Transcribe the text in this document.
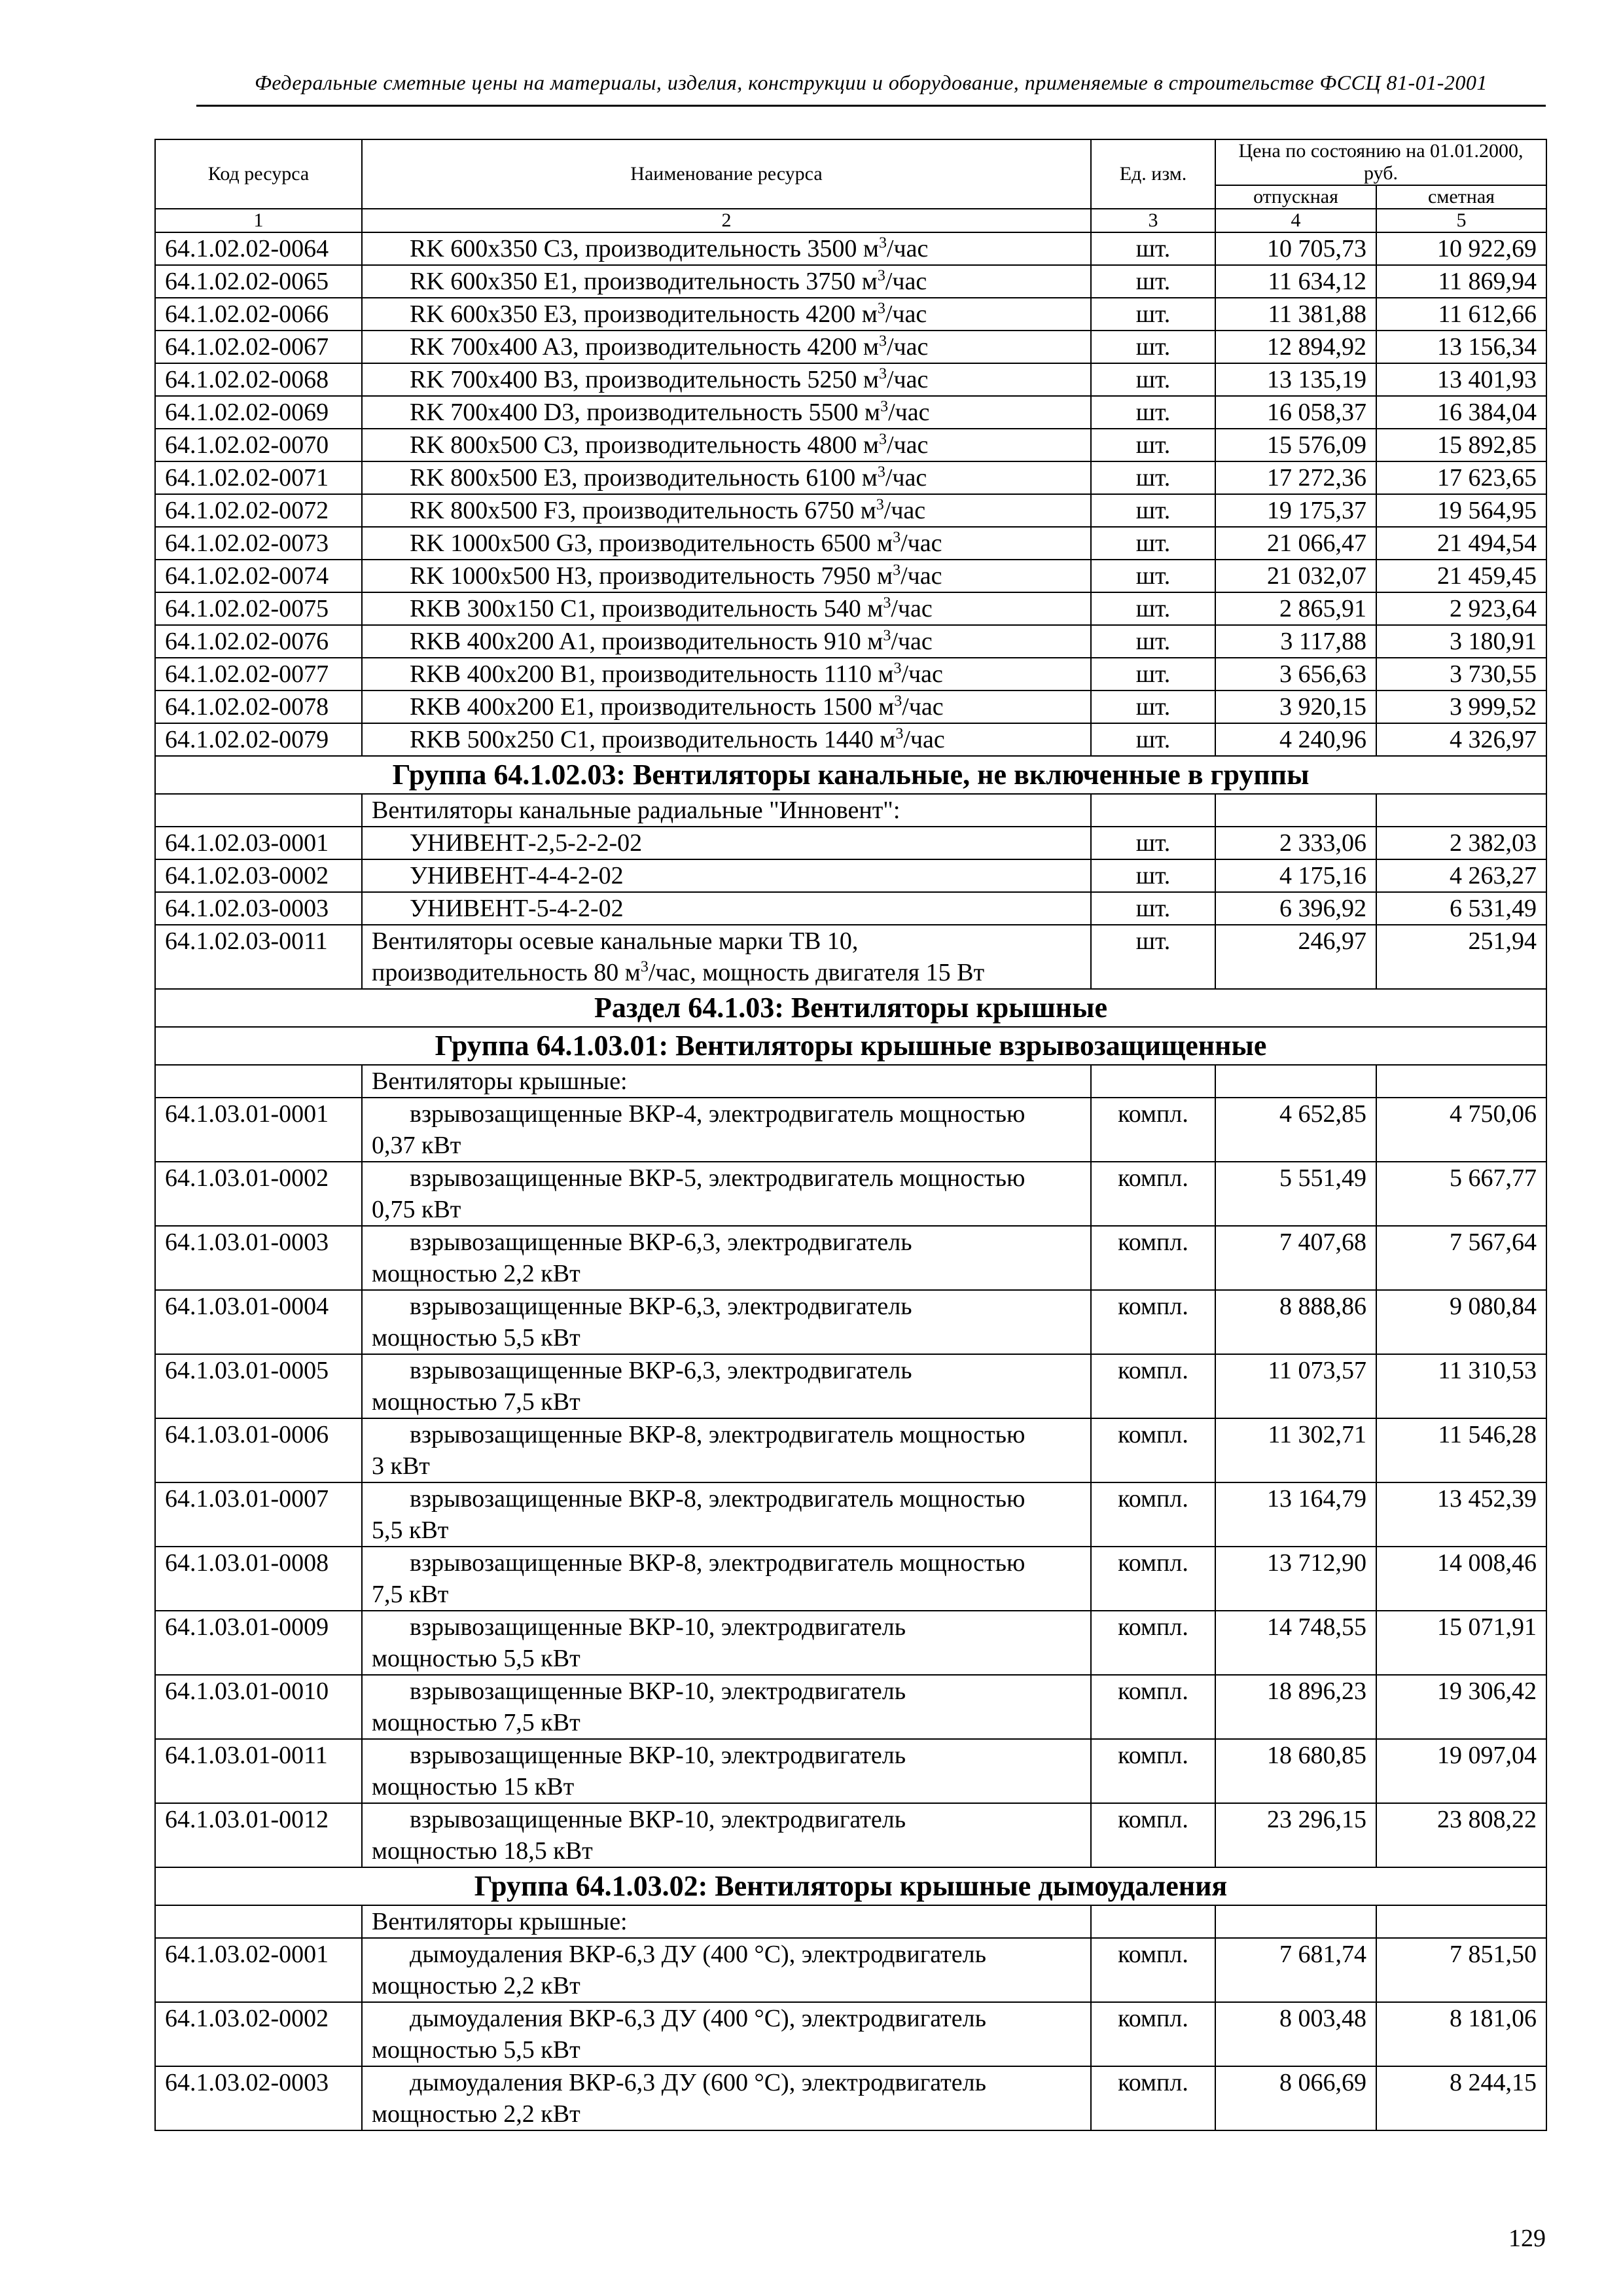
Федеральные сметные цены на материалы, изделия, конструкции и оборудование, применяемые в строительстве ФССЦ 81-01-2001
Код ресурса	Наименование ресурса	Ед. изм.	Цена по состоянию на 01.01.2000, руб.	
			отпускная	сметная
1	2	3	4	5
64.1.02.02-0064	RK 600x350 C3, производительность 3500 $м^3$/час	шт.	10 705,73	10 922,69
64.1.02.02-0065	RK 600x350 E1, производительность 3750 $м^3$/час	шт.	11 634,12	11 869,94
64.1.02.02-0066	RK 600x350 E3, производительность 4200 $м^3$/час	шт.	11 381,88	11 612,66
64.1.02.02-0067	RK 700x400 A3, производительность 4200 $м^3$/час	шт.	12 894,92	13 156,34
64.1.02.02-0068	RK 700x400 B3, производительность 5250 $м^3$/час	шт.	13 135,19	13 401,93
64.1.02.02-0069	RK 700x400 D3, производительность 5500 $м^3$/час	шт.	16 058,37	16 384,04
64.1.02.02-0070	RK 800x500 C3, производительность 4800 $м^3$/час	шт.	15 576,09	15 892,85
64.1.02.02-0071	RK 800x500 E3, производительность 6100 $м^3$/час	шт.	17 272,36	17 623,65
64.1.02.02-0072	RK 800x500 F3, производительность 6750 $м^3$/час	шт.	19 175,37	19 564,95
64.1.02.02-0073	RK 1000x500 G3, производительность 6500 $м^3$/час	шт.	21 066,47	21 494,54
64.1.02.02-0074	RK 1000x500 H3, производительность 7950 $м^3$/час	шт.	21 032,07	21 459,45
64.1.02.02-0075	RKB 300x150 C1, производительность 540 $м^3$/час	шт.	2 865,91	2 923,64
64.1.02.02-0076	RKB 400x200 A1, производительность 910 $м^3$/час	шт.	3 117,88	3 180,91
64.1.02.02-0077	RKB 400x200 B1, производительность 1110 $м^3$/час	шт.	3 656,63	3 730,55
64.1.02.02-0078	RKB 400x200 E1, производительность 1500 $м^3$/час	шт.	3 920,15	3 999,52
64.1.02.02-0079	RKB 500x250 C1, производительность 1440 $м^3$/час	шт.	4 240,96	4 326,97
Группа 64.1.02.03: Вентиляторы канальные, не включенные в группы				
	Вентиляторы канальные радиальные "Инновент":			
64.1.02.03-0001	УНИВЕНТ-2,5-2-2-02	шт.	2 333,06	2 382,03
64.1.02.03-0002	УНИВЕНТ-4-4-2-02	шт.	4 175,16	4 263,27
64.1.02.03-0003	УНИВЕНТ-5-4-2-02	шт.	6 396,92	6 531,49
64.1.02.03-0011	Вентиляторы осевые канальные марки ТВ 10,
производительность 80 $м^3$/час, мощность двигателя 15 Вт	шт.	246,97	251,94
Раздел 64.1.03: Вентиляторы крышные				
Группа 64.1.03.01: Вентиляторы крышные взрывозащищенные				
	Вентиляторы крышные:			
64.1.03.01-0001	взрывозащищенные ВКР-4, электродвигатель мощностью
0,37 кВт	компл.	4 652,85	4 750,06
64.1.03.01-0002	взрывозащищенные ВКР-5, электродвигатель мощностью
0,75 кВт	компл.	5 551,49	5 667,77
64.1.03.01-0003	взрывозащищенные ВКР-6,3, электродвигатель
мощностью 2,2 кВт	компл.	7 407,68	7 567,64
64.1.03.01-0004	взрывозащищенные ВКР-6,3, электродвигатель
мощностью 5,5 кВт	компл.	8 888,86	9 080,84
64.1.03.01-0005	взрывозащищенные ВКР-6,3, электродвигатель
мощностью 7,5 кВт	компл.	11 073,57	11 310,53
64.1.03.01-0006	взрывозащищенные ВКР-8, электродвигатель мощностью
3 кВт	компл.	11 302,71	11 546,28
64.1.03.01-0007	взрывозащищенные ВКР-8, электродвигатель мощностью
5,5 кВт	компл.	13 164,79	13 452,39
64.1.03.01-0008	взрывозащищенные ВКР-8, электродвигатель мощностью
7,5 кВт	компл.	13 712,90	14 008,46
64.1.03.01-0009	взрывозащищенные ВКР-10, электродвигатель
мощностью 5,5 кВт	компл.	14 748,55	15 071,91
64.1.03.01-0010	взрывозащищенные ВКР-10, электродвигатель
мощностью 7,5 кВт	компл.	18 896,23	19 306,42
64.1.03.01-0011	взрывозащищенные ВКР-10, электродвигатель
мощностью 15 кВт	компл.	18 680,85	19 097,04
64.1.03.01-0012	взрывозащищенные ВКР-10, электродвигатель
мощностью 18,5 кВт	компл.	23 296,15	23 808,22
Группа 64.1.03.02: Вентиляторы крышные дымоудаления				
	Вентиляторы крышные:			
64.1.03.02-0001	дымоудаления ВКР-6,3 ДУ (400 °С), электродвигатель
мощностью 2,2 кВт	компл.	7 681,74	7 851,50
64.1.03.02-0002	дымоудаления ВКР-6,3 ДУ (400 °С), электродвигатель
мощностью 5,5 кВт	компл.	8 003,48	8 181,06
64.1.03.02-0003	дымоудаления ВКР-6,3 ДУ (600 °С), электродвигатель
мощностью 2,2 кВт	компл.	8 066,69	8 244,15
129
